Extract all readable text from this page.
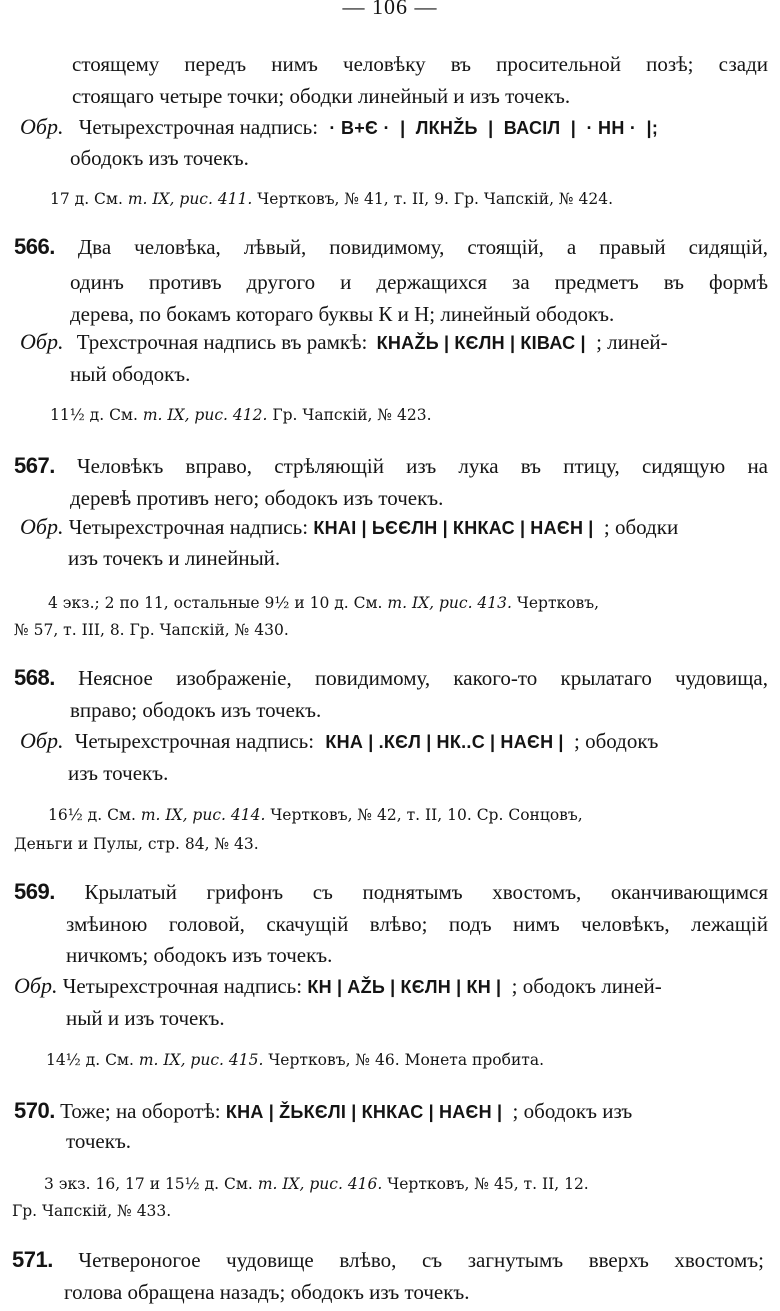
— 106 —
стоящему передъ нимъ человѣку въ просительной позѣ; сзади
стоящаго четыре точки; ободки линейный и изъ точекъ.
Обр. Четырехстрочная надпись: · В+Є · | ЛКНŽЬ | ВАСІЛ | · НН · |;
ободокъ изъ точекъ.
17 д. См. т. IX, рис. 411. Чертковъ, № 41, т. II, 9. Гр. Чапскій, № 424.
566. Два человѣка, лѣвый, повидимому, стоящій, а правый сидящій,
одинъ противъ другого и держащихся за предметъ въ формѣ
дерева, по бокамъ котораго буквы К и Н; линейный ободокъ.
Обр. Трехстрочная надпись въ рамкѣ: КНАŽЬ | КЄЛН | КІВАС | ; линей-
ный ободокъ.
11½ д. См. т. IX, рис. 412. Гр. Чапскій, № 423.
567. Человѣкъ вправо, стрѣляющій изъ лука въ птицу, сидящую на
деревѣ противъ него; ободокъ изъ точекъ.
Обр. Четырехстрочная надпись: КНАІ | ЬЄЄЛН | КНКАС | НАЄН | ; ободки
изъ точекъ и линейный.
4 экз.; 2 по 11, остальные 9½ и 10 д. См. т. IX, рис. 413. Чертковъ,
№ 57, т. III, 8. Гр. Чапскій, № 430.
568. Неясное изображеніе, повидимому, какого-то крылатаго чудовища,
вправо; ободокъ изъ точекъ.
Обр. Четырехстрочная надпись: КНА | .КЄЛ | НК..С | НАЄН | ; ободокъ
изъ точекъ.
16½ д. См. т. IX, рис. 414. Чертковъ, № 42, т. II, 10. Ср. Сонцовъ,
Деньги и Пулы, стр. 84, № 43.
569. Крылатый грифонъ съ поднятымъ хвостомъ, оканчивающимся
змѣиною головой, скачущій влѣво; подъ нимъ человѣкъ, лежащій
ничкомъ; ободокъ изъ точекъ.
Обр. Четырехстрочная надпись: КН | АŽЬ | КЄЛН | КН | ; ободокъ линей-
ный и изъ точекъ.
14½ д. См. т. IX, рис. 415. Чертковъ, № 46. Монета пробита.
570. Тоже; на оборотѣ: КНА | ŽЬКЄЛІ | КНКАС | НАЄН | ; ободокъ изъ
точекъ.
3 экз. 16, 17 и 15½ д. См. т. IX, рис. 416. Чертковъ, № 45, т. II, 12.
Гр. Чапскій, № 433.
571. Четвероногое чудовище влѣво, съ загнутымъ вверхъ хвостомъ;
голова обращена назадъ; ободокъ изъ точекъ.
